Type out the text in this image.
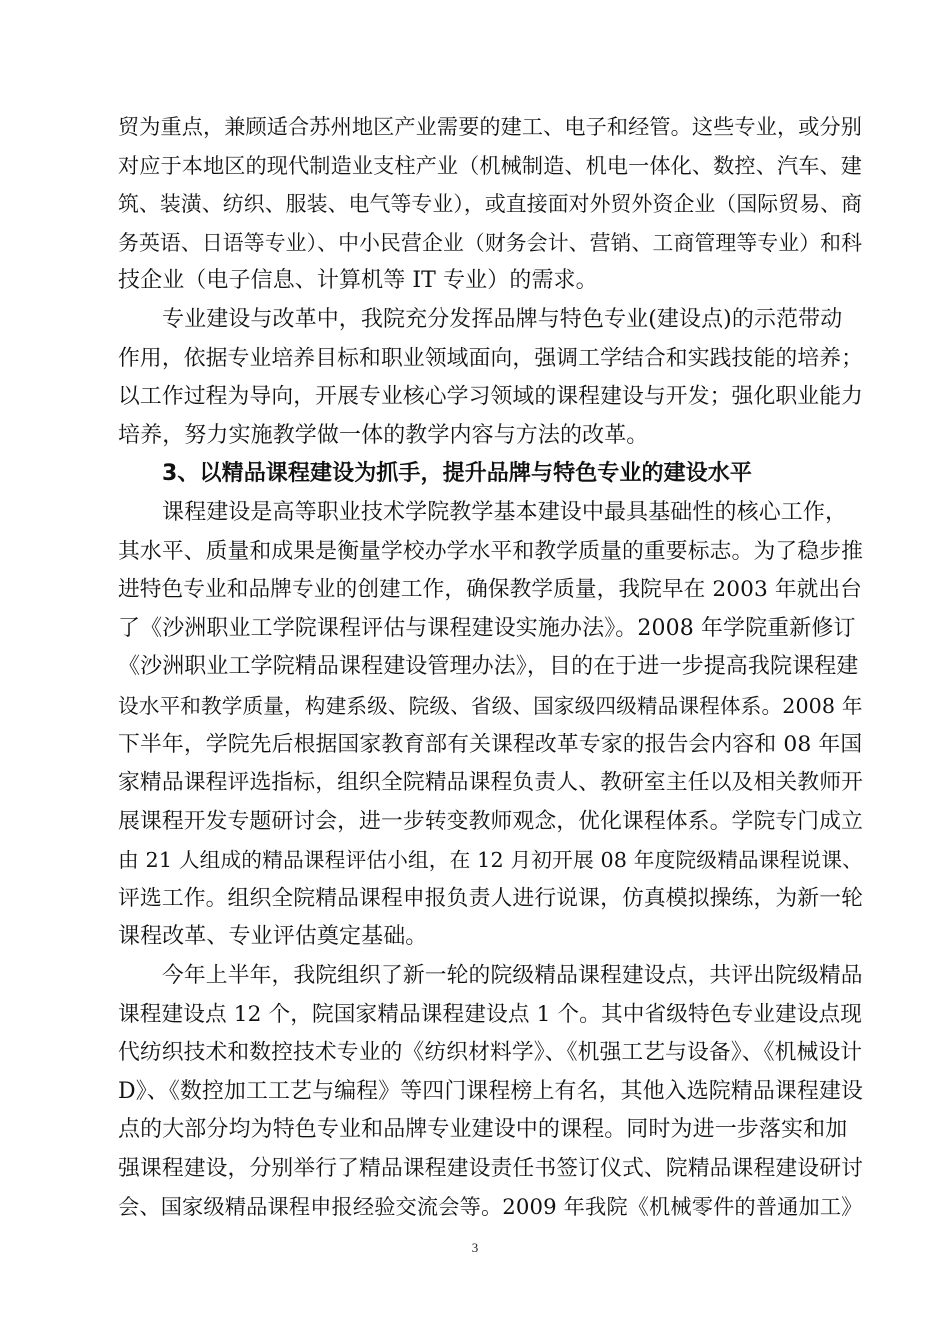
贸为重点，兼顾适合苏州地区产业需要的建工、电子和经管。这些专业，或分别
对应于本地区的现代制造业支柱产业（机械制造、机电一体化、数控、汽车、建
筑、装潢、纺织、服装、电气等专业），或直接面对外贸外资企业（国际贸易、商
务英语、日语等专业）、中小民营企业（财务会计、营销、工商管理等专业）和科
技企业（电子信息、计算机等 IT 专业）的需求。
专业建设与改革中，我院充分发挥品牌与特色专业(建设点)的示范带动
作用，依据专业培养目标和职业领域面向，强调工学结合和实践技能的培养；
以工作过程为导向，开展专业核心学习领域的课程建设与开发；强化职业能力
培养，努力实施教学做一体的教学内容与方法的改革。
3、以精品课程建设为抓手，提升品牌与特色专业的建设水平
课程建设是高等职业技术学院教学基本建设中最具基础性的核心工作，
其水平、质量和成果是衡量学校办学水平和教学质量的重要标志。为了稳步推
进特色专业和品牌专业的创建工作，确保教学质量，我院早在 2003 年就出台
了《沙洲职业工学院课程评估与课程建设实施办法》。2008 年学院重新修订
《沙洲职业工学院精品课程建设管理办法》，目的在于进一步提高我院课程建
设水平和教学质量，构建系级、院级、省级、国家级四级精品课程体系。2008 年
下半年，学院先后根据国家教育部有关课程改革专家的报告会内容和 08 年国
家精品课程评选指标，组织全院精品课程负责人、教研室主任以及相关教师开
展课程开发专题研讨会，进一步转变教师观念，优化课程体系。学院专门成立
由 21 人组成的精品课程评估小组，在 12 月初开展 08 年度院级精品课程说课、
评选工作。组织全院精品课程申报负责人进行说课，仿真模拟操练，为新一轮
课程改革、专业评估奠定基础。
今年上半年，我院组织了新一轮的院级精品课程建设点，共评出院级精品
课程建设点 12 个，院国家精品课程建设点 1 个。其中省级特色专业建设点现
代纺织技术和数控技术专业的《纺织材料学》、《机强工艺与设备》、《机械设计
D》、《数控加工工艺与编程》等四门课程榜上有名，其他入选院精品课程建设
点的大部分均为特色专业和品牌专业建设中的课程。同时为进一步落实和加
强课程建设，分别举行了精品课程建设责任书签订仪式、院精品课程建设研讨
会、国家级精品课程申报经验交流会等。2009 年我院《机械零件的普通加工》
3
